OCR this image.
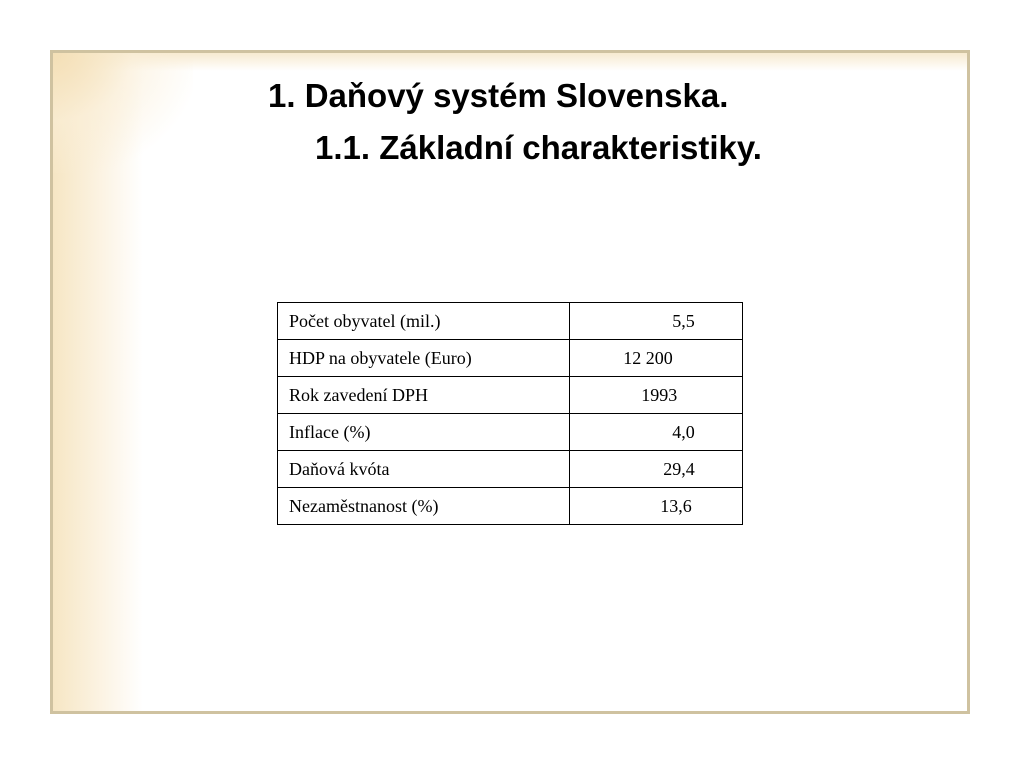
1. Daňový systém Slovenska.
1.1. Základní charakteristiky.
Počet obyvatel (mil.)	5,5
HDP na obyvatele (Euro)	12 200
Rok zavedení DPH	1993
Inflace (%)	4,0
Daňová kvóta	29,4
Nezaměstnanost (%)	13,6
